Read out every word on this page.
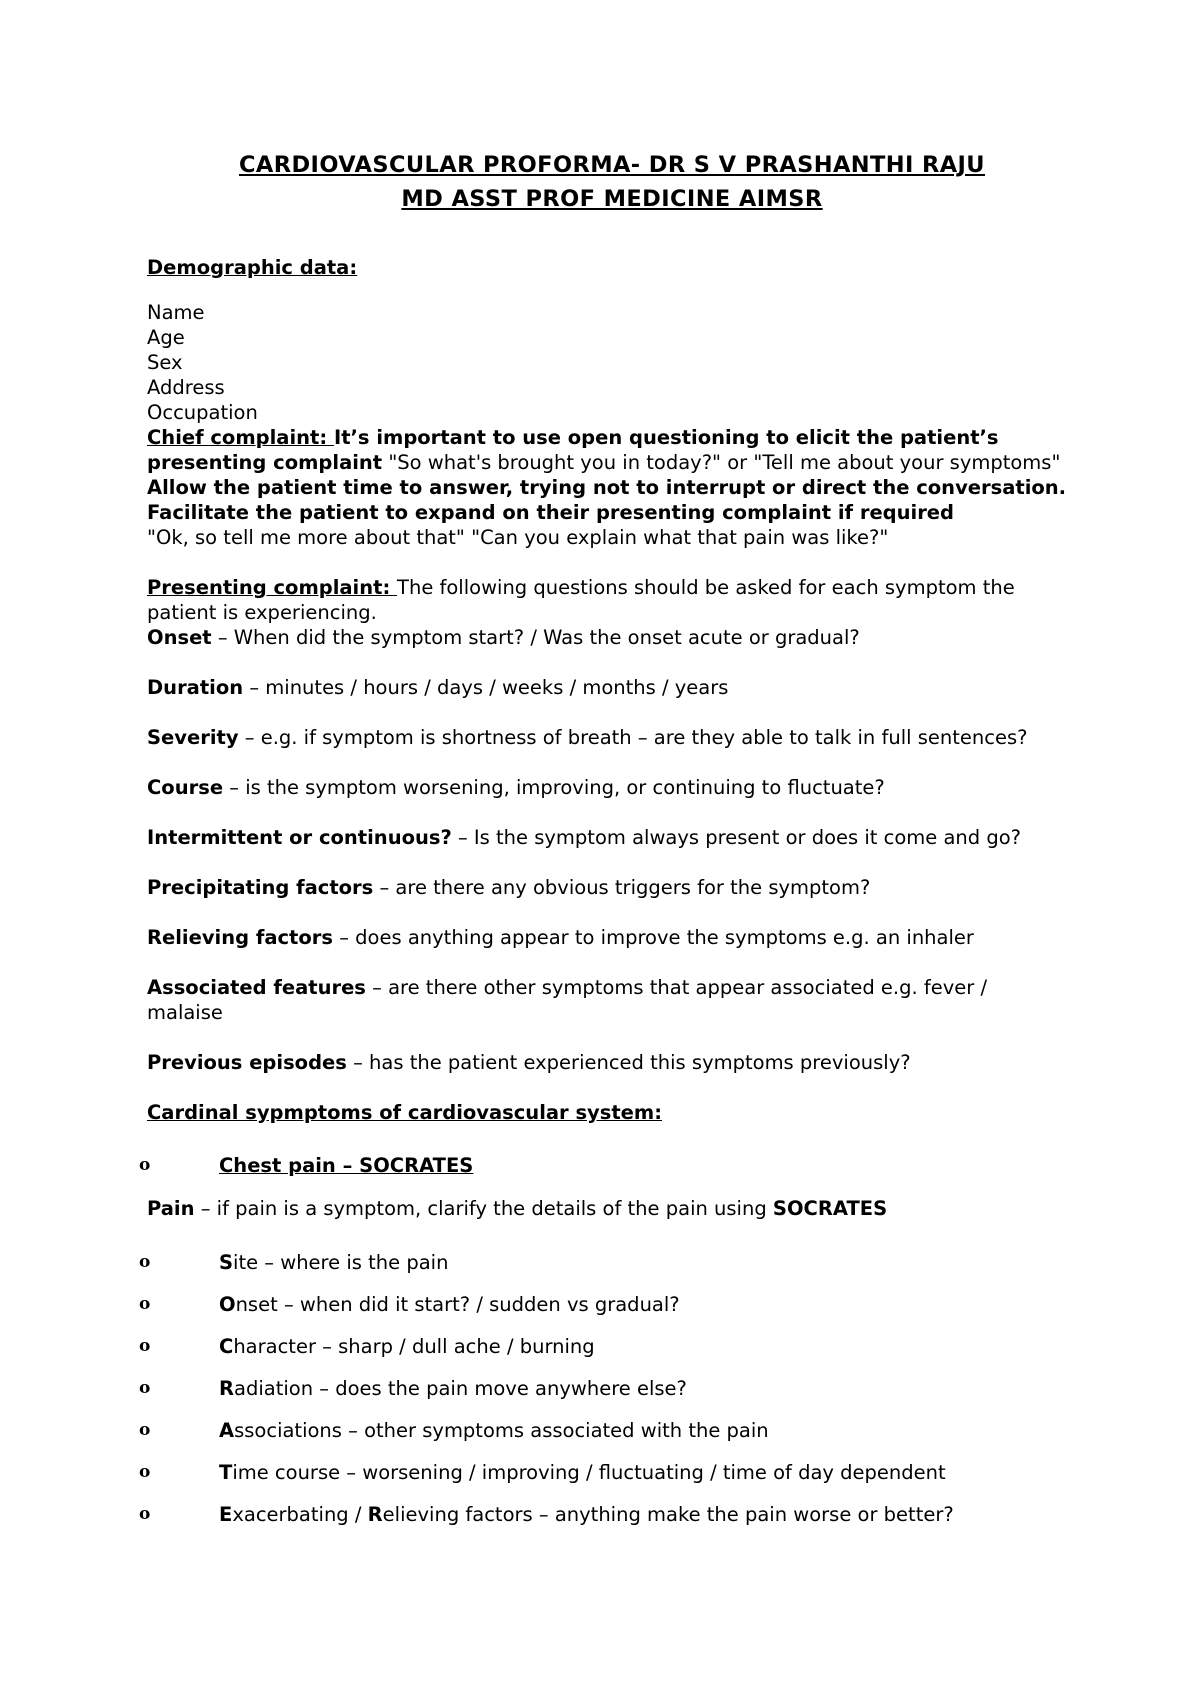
CARDIOVASCULAR PROFORMA- DR S V PRASHANTHI RAJU
MD ASST PROF MEDICINE AIMSR
Demographic data:
Name
Age
Sex
Address
Occupation
Chief complaint: It’s important to use open questioning to elicit the patient’s
presenting complaint "So what's brought you in today?" or "Tell me about your symptoms"
Allow the patient time to answer, trying not to interrupt or direct the conversation.
Facilitate the patient to expand on their presenting complaint if required
"Ok, so tell me more about that" "Can you explain what that pain was like?"
Presenting complaint: The following questions should be asked for each symptom the
patient is experiencing.
Onset – When did the symptom start? / Was the onset acute or gradual?
Duration – minutes / hours / days / weeks / months / years
Severity – e.g. if symptom is shortness of breath – are they able to talk in full sentences?
Course – is the symptom worsening, improving, or continuing to fluctuate?
Intermittent or continuous? – Is the symptom always present or does it come and go?
Precipitating factors – are there any obvious triggers for the symptom?
Relieving factors – does anything appear to improve the symptoms e.g. an inhaler
Associated features – are there other symptoms that appear associated e.g. fever /
malaise
Previous episodes – has the patient experienced this symptoms previously?
Cardinal sypmptoms of cardiovascular system:
o	Chest pain – SOCRATES
Pain – if pain is a symptom, clarify the details of the pain using SOCRATES
o	Site – where is the pain
o	Onset – when did it start? / sudden vs gradual?
o	Character – sharp / dull ache / burning
o	Radiation – does the pain move anywhere else?
o	Associations – other symptoms associated with the pain
o	Time course – worsening / improving / fluctuating / time of day dependent
o	Exacerbating / Relieving factors – anything make the pain worse or better?
